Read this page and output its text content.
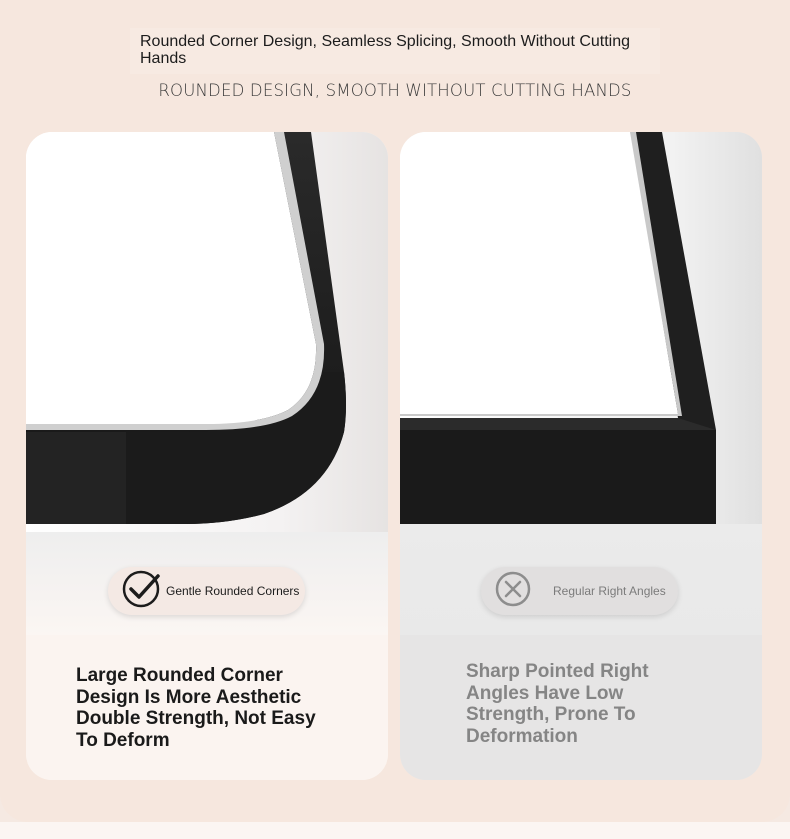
Rounded Corner Design, Seamless Splicing, Smooth Without Cutting Hands
ROUNDED DESIGN, SMOOTH WITHOUT CUTTING HANDS
Gentle Rounded Corners
Large Rounded Corner Design Is More Aesthetic Double Strength, Not Easy To Deform
Regular Right Angles
Sharp Pointed Right Angles Have Low Strength, Prone To Deformation
